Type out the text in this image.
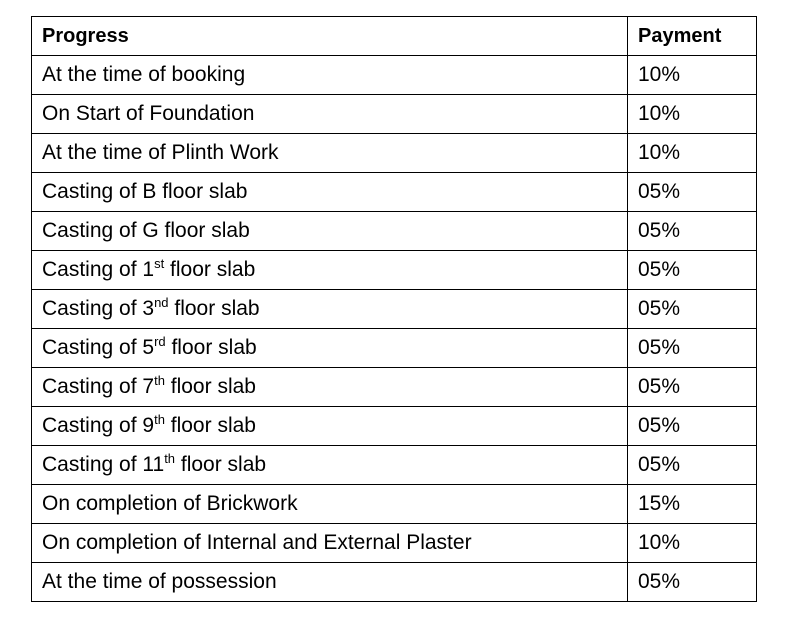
Progress	Payment
At the time of booking	10%
On Start of Foundation	10%
At the time of Plinth Work	10%
Casting of B floor slab	05%
Casting of G floor slab	05%
Casting of 1st floor slab	05%
Casting of 3nd floor slab	05%
Casting of 5rd floor slab	05%
Casting of 7th floor slab	05%
Casting of 9th floor slab	05%
Casting of 11th floor slab	05%
On completion of Brickwork	15%
On completion of Internal and External Plaster	10%
At the time of possession	05%
